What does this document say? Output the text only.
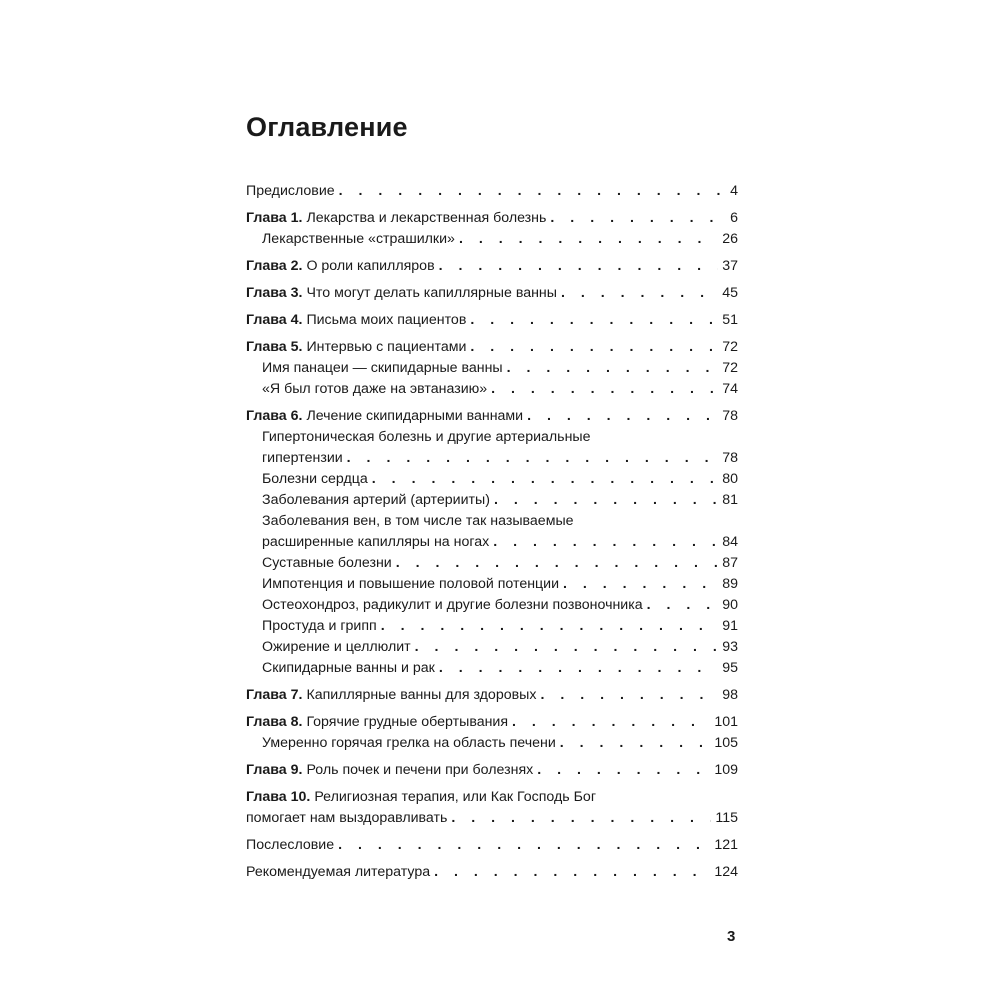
Оглавление
Предисловие . . .	4
Глава 1. Лекарства и лекарственная болезнь . . .	6
Лекарственные «страшилки» . . .	26
Глава 2. О роли капилляров . . .	37
Глава 3. Что могут делать капиллярные ванны . . .	45
Глава 4. Письма моих пациентов . . .	51
Глава 5. Интервью с пациентами . . .	72
Имя панацеи — скипидарные ванны . . .	72
«Я был готов даже на эвтаназию» . . .	74
Глава 6. Лечение скипидарными ваннами . . .	78
Гипертоническая болезнь и другие артериальные
гипертензии . . .	78
Болезни сердца . . .	80
Заболевания артерий (артерииты) . . .	81
Заболевания вен, в том числе так называемые
расширенные капилляры на ногах . . .	84
Суставные болезни . . .	87
Импотенция и повышение половой потенции . . .	89
Остеохондроз, радикулит и другие болезни позвоночника . . .	90
Простуда и грипп . . .	91
Ожирение и целлюлит . . .	93
Скипидарные ванны и рак . . .	95
Глава 7. Капиллярные ванны для здоровых . . .	98
Глава 8. Горячие грудные обертывания . . .	101
Умеренно горячая грелка на область печени . . .	105
Глава 9. Роль почек и печени при болезнях . . .	109
Глава 10. Религиозная терапия, или Как Господь Бог
помогает нам выздоравливать . . .	115
Послесловие . . .	121
Рекомендуемая литература . . .	124
3
